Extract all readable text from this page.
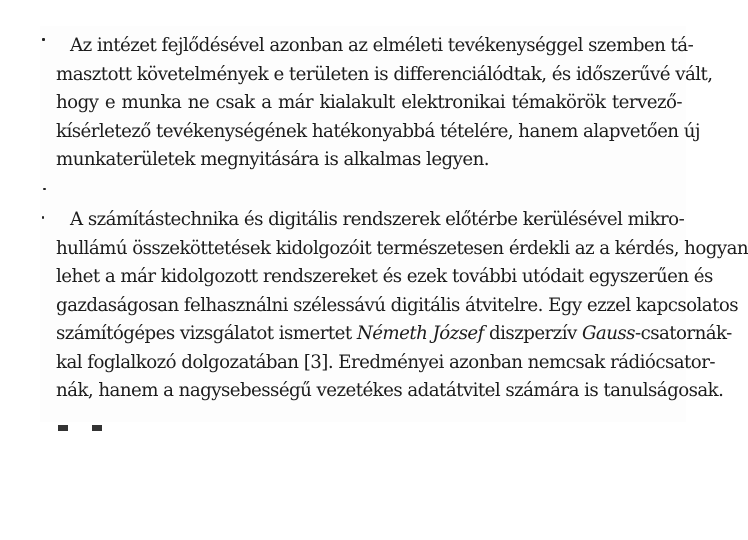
Az intézet fejlődésével azonban az elméleti tevékenységgel szemben tá-
masztott követelmények e területen is differenciálódtak, és időszerűvé vált,
hogy e munka ne csak a már kialakult elektronikai témakörök tervező-
kísérletező tevékenységének hatékonyabbá tételére, hanem alapvetően új
munkaterületek megnyitására is alkalmas legyen.
A számítástechnika és digitális rendszerek előtérbe kerülésével mikro-
hullámú összeköttetések kidolgozóit természetesen érdekli az a kérdés, hogyan
lehet a már kidolgozott rendszereket és ezek további utódait egyszerűen és
gazdaságosan felhasználni szélessávú digitális átvitelre. Egy ezzel kapcsolatos
számítógépes vizsgálatot ismertet Németh József diszperzív Gauss-csatornák-
kal foglalkozó dolgozatában [3]. Eredményei azonban nemcsak rádiócsator-
nák, hanem a nagysebességű vezetékes adatátvitel számára is tanulságosak.
